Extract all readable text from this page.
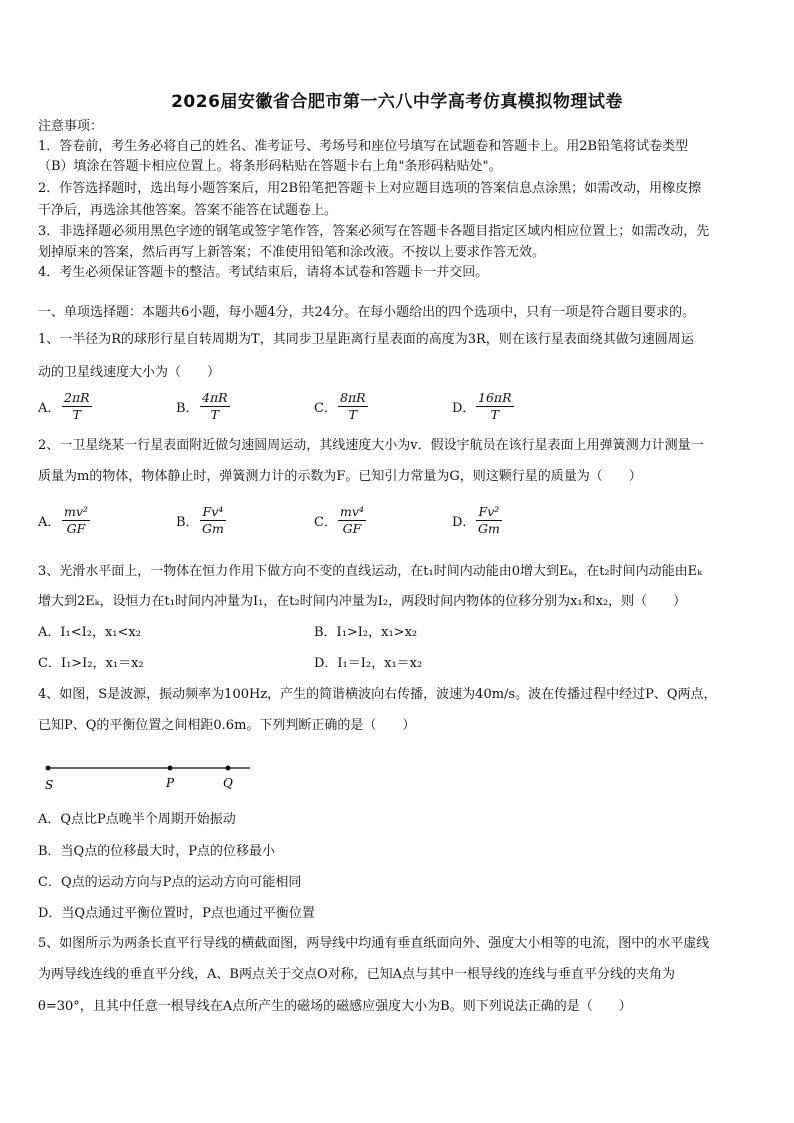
2026届安徽省合肥市第一六八中学高考仿真模拟物理试卷
注意事项：
1．答卷前，考生务必将自己的姓名、准考证号、考场号和座位号填写在试题卷和答题卡上。用2B铅笔将试卷类型
（B）填涂在答题卡相应位置上。将条形码粘贴在答题卡右上角"条形码粘贴处"。
2．作答选择题时，选出每小题答案后，用2B铅笔把答题卡上对应题目选项的答案信息点涂黑；如需改动，用橡皮擦
干净后，再选涂其他答案。答案不能答在试题卷上。
3．非选择题必须用黑色字迹的钢笔或签字笔作答，答案必须写在答题卡各题目指定区域内相应位置上；如需改动，先
划掉原来的答案，然后再写上新答案；不准使用铅笔和涂改液。不按以上要求作答无效。
4．考生必须保证答题卡的整洁。考试结束后，请将本试卷和答题卡一并交回。
一、单项选择题：本题共6小题，每小题4分，共24分。在每小题给出的四个选项中，只有一项是符合题目要求的。
1、一半径为R的球形行星自转周期为T，其同步卫星距离行星表面的高度为3R，则在该行星表面绕其做匀速圆周运
动的卫星线速度大小为（　　）
A． $\frac{2\pi R}{T}$	B． $\frac{4\pi R}{T}$	C． $\frac{8\pi R}{T}$	D． $\frac{16\pi R}{T}$
2、一卫星绕某一行星表面附近做匀速圆周运动，其线速度大小为v．假设宇航员在该行星表面上用弹簧测力计测量一
质量为m的物体，物体静止时，弹簧测力计的示数为F。已知引力常量为G，则这颗行星的质量为（　　）
A． $\frac{\text{mv²}}{GF}$	B． $\frac{\text{Fv⁴}}{Gm}$	C． $\frac{\text{mv⁴}}{GF}$	D． $\frac{\text{Fv²}}{Gm}$
3、光滑水平面上，一物体在恒力作用下做方向不变的直线运动，在t₁时间内动能由0增大到Eₖ，在t₂时间内动能由Eₖ
增大到2Eₖ，设恒力在t₁时间内冲量为I₁，在t₂时间内冲量为I₂，两段时间内物体的位移分别为x₁和x₂，则（　　）
A．I₁<I₂，x₁<x₂	B．I₁>I₂，x₁>x₂
C．I₁>I₂，x₁＝x₂	D．I₁＝I₂，x₁＝x₂
4、如图，S是波源，振动频率为100Hz，产生的简谐横波向右传播，波速为40m/s。波在传播过程中经过P、Q两点，
已知P、Q的平衡位置之间相距0.6m。下列判断正确的是（　　）
S	P	Q
A．Q点比P点晚半个周期开始振动
B．当Q点的位移最大时，P点的位移最小
C．Q点的运动方向与P点的运动方向可能相同
D．当Q点通过平衡位置时，P点也通过平衡位置
5、如图所示为两条长直平行导线的横截面图，两导线中均通有垂直纸面向外、强度大小相等的电流，图中的水平虚线
为两导线连线的垂直平分线，A、B两点关于交点O对称，已知A点与其中一根导线的连线与垂直平分线的夹角为
θ=30°，且其中任意一根导线在A点所产生的磁场的磁感应强度大小为B。则下列说法正确的是（　　）
